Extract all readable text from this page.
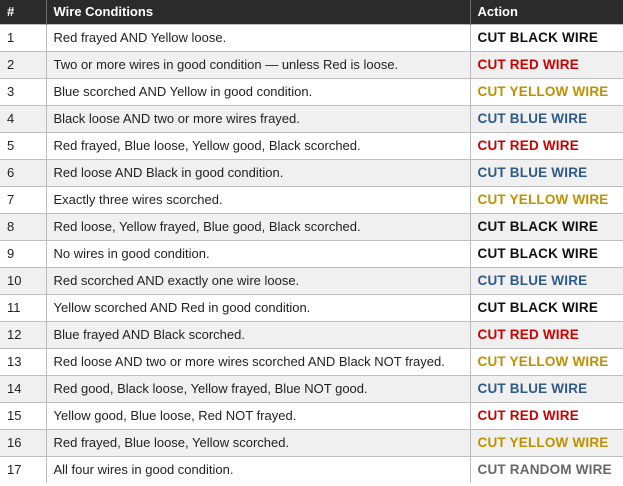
#	Wire Conditions	Action
1	Red frayed AND Yellow loose.	CUT BLACK WIRE
2	Two or more wires in good condition — unless Red is loose.	CUT RED WIRE
3	Blue scorched AND Yellow in good condition.	CUT YELLOW WIRE
4	Black loose AND two or more wires frayed.	CUT BLUE WIRE
5	Red frayed, Blue loose, Yellow good, Black scorched.	CUT RED WIRE
6	Red loose AND Black in good condition.	CUT BLUE WIRE
7	Exactly three wires scorched.	CUT YELLOW WIRE
8	Red loose, Yellow frayed, Blue good, Black scorched.	CUT BLACK WIRE
9	No wires in good condition.	CUT BLACK WIRE
10	Red scorched AND exactly one wire loose.	CUT BLUE WIRE
11	Yellow scorched AND Red in good condition.	CUT BLACK WIRE
12	Blue frayed AND Black scorched.	CUT RED WIRE
13	Red loose AND two or more wires scorched AND Black NOT frayed.	CUT YELLOW WIRE
14	Red good, Black loose, Yellow frayed, Blue NOT good.	CUT BLUE WIRE
15	Yellow good, Blue loose, Red NOT frayed.	CUT RED WIRE
16	Red frayed, Blue loose, Yellow scorched.	CUT YELLOW WIRE
17	All four wires in good condition.	CUT RANDOM WIRE
